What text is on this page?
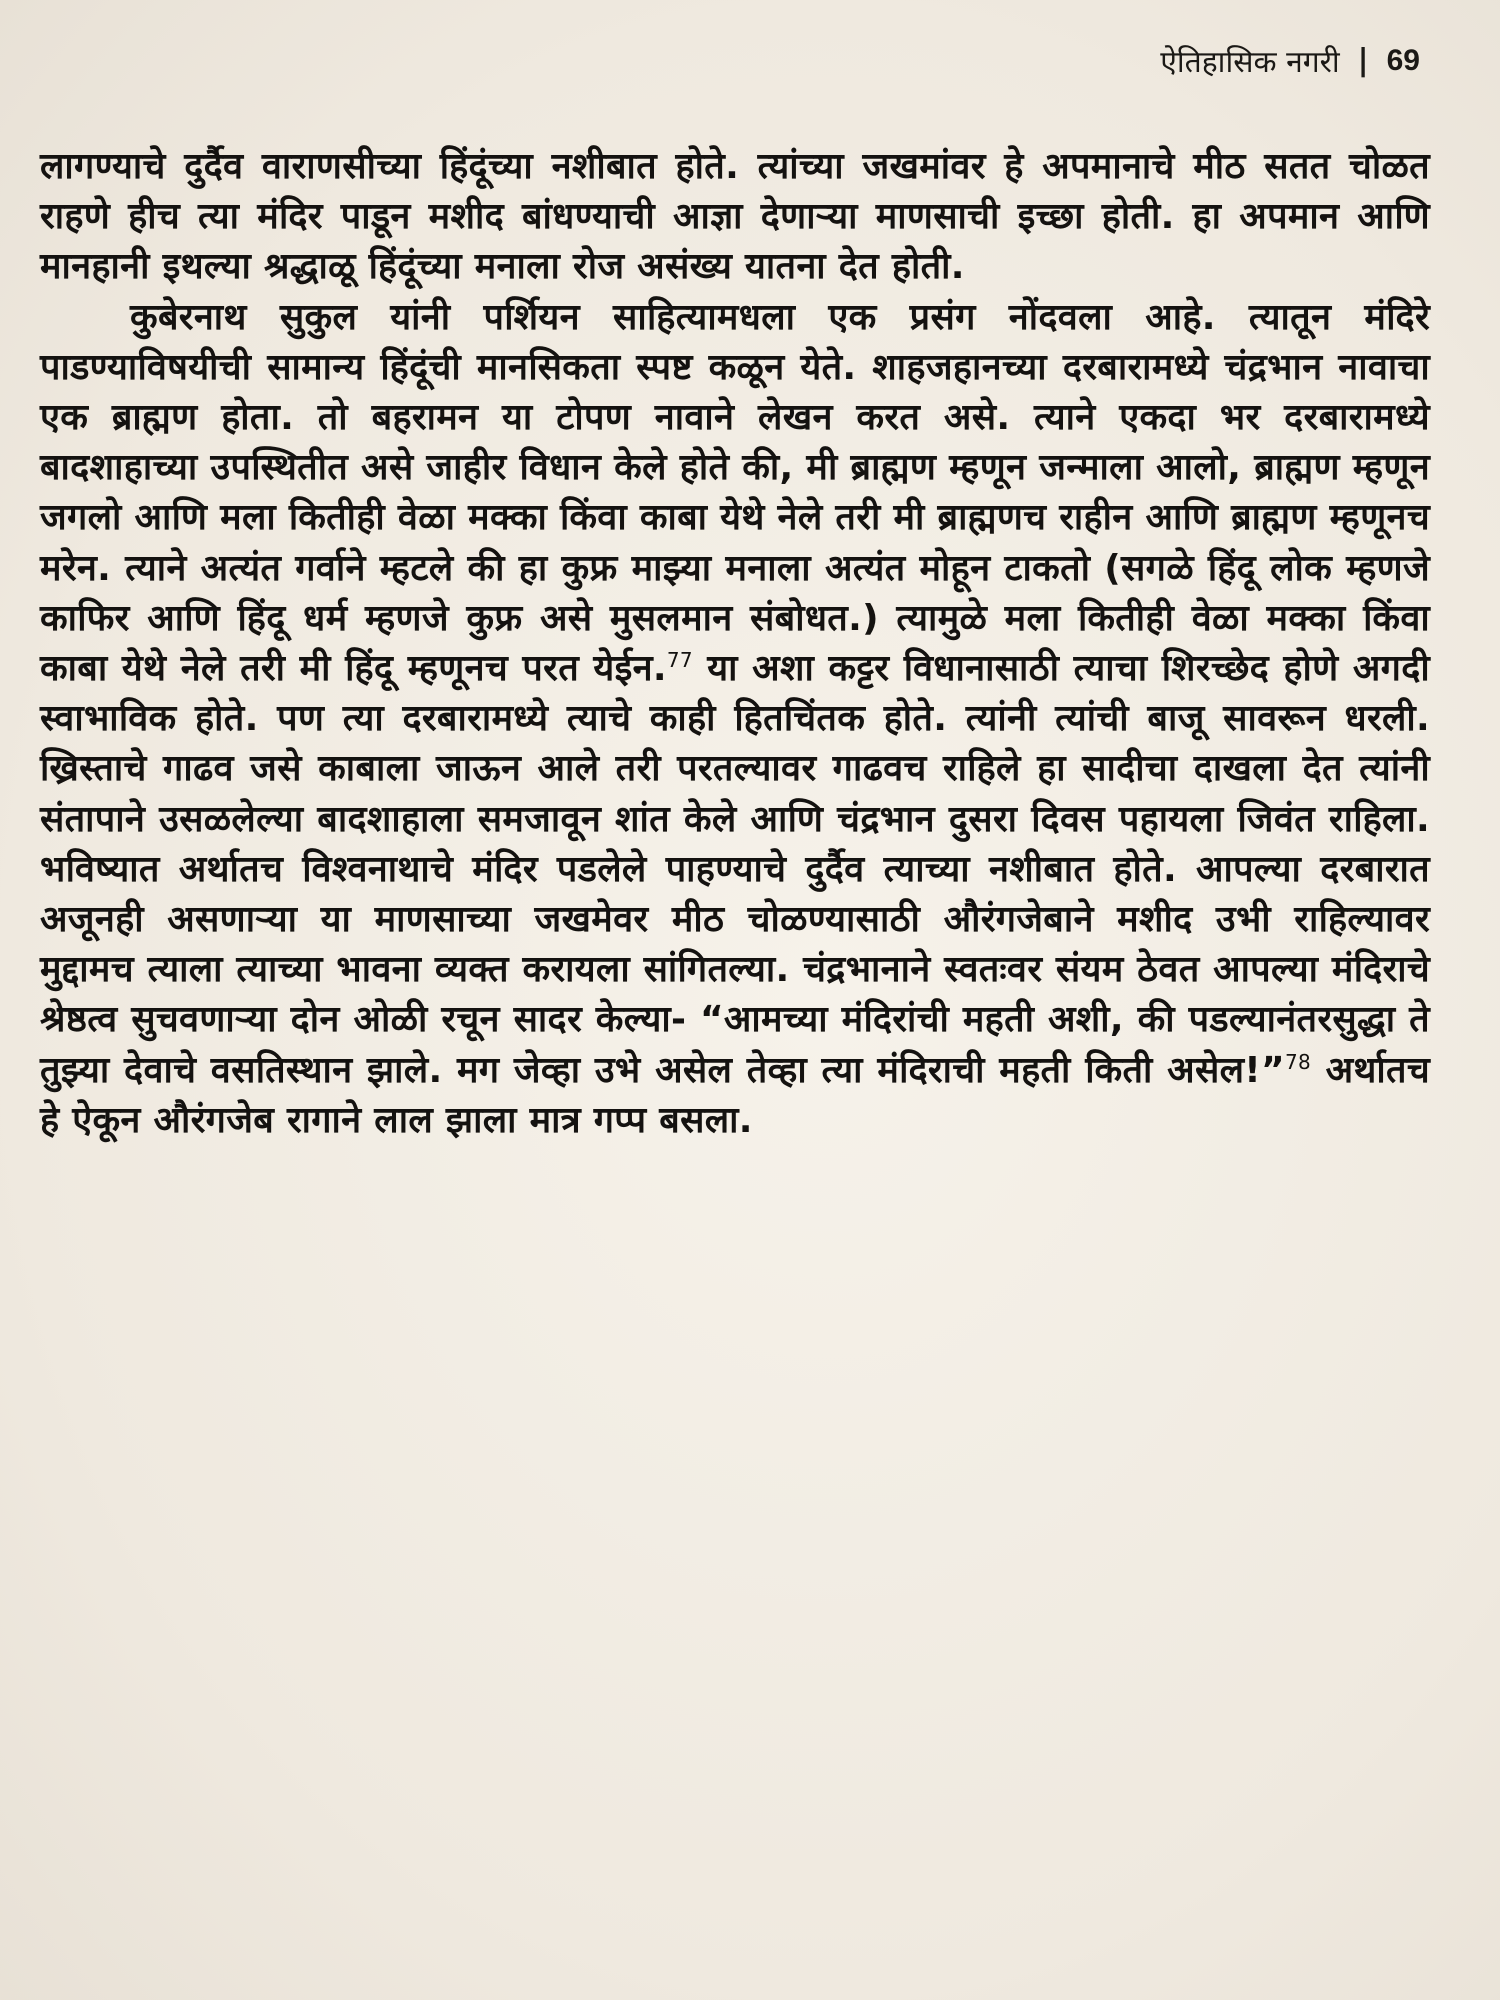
ऐतिहासिक नगरी | 69

लागण्याचे दुर्दैव वाराणसीच्या हिंदूंच्या नशीबात होते. त्यांच्या जखमांवर हे अपमानाचे मीठ सतत चोळत राहणे हीच त्या मंदिर पाडून मशीद बांधण्याची आज्ञा देणाऱ्या माणसाची इच्छा होती. हा अपमान आणि मानहानी इथल्या श्रद्धाळू हिंदूंच्या मनाला रोज असंख्य यातना देत होती.

कुबेरनाथ सुकुल यांनी पर्शियन साहित्यामधला एक प्रसंग नोंदवला आहे. त्यातून मंदिरे पाडण्याविषयीची सामान्य हिंदूंची मानसिकता स्पष्ट कळून येते. शाहजहानच्या दरबारामध्ये चंद्रभान नावाचा एक ब्राह्मण होता. तो बहरामन या टोपण नावाने लेखन करत असे. त्याने एकदा भर दरबारामध्ये बादशाहाच्या उपस्थितीत असे जाहीर विधान केले होते की, मी ब्राह्मण म्हणून जन्माला आलो, ब्राह्मण म्हणून जगलो आणि मला कितीही वेळा मक्का किंवा काबा येथे नेले तरी मी ब्राह्मणच राहीन आणि ब्राह्मण म्हणूनच मरेन. त्याने अत्यंत गर्वाने म्हटले की हा कुफ्र माझ्या मनाला अत्यंत मोहून टाकतो (सगळे हिंदू लोक म्हणजे काफिर आणि हिंदू धर्म म्हणजे कुफ्र असे मुसलमान संबोधत.) त्यामुळे मला कितीही वेळा मक्का किंवा काबा येथे नेले तरी मी हिंदू म्हणूनच परत येईन.$^{77}$ या अशा कट्टर विधानासाठी त्याचा शिरच्छेद होणे अगदी स्वाभाविक होते. पण त्या दरबारामध्ये त्याचे काही हितचिंतक होते. त्यांनी त्यांची बाजू सावरून धरली. ख्रिस्ताचे गाढव जसे काबाला जाऊन आले तरी परतल्यावर गाढवच राहिले हा सादीचा दाखला देत त्यांनी संतापाने उसळलेल्या बादशाहाला समजावून शांत केले आणि चंद्रभान दुसरा दिवस पहायला जिवंत राहिला. भविष्यात अर्थातच विश्वनाथाचे मंदिर पडलेले पाहण्याचे दुर्दैव त्याच्या नशीबात होते. आपल्या दरबारात अजूनही असणाऱ्या या माणसाच्या जखमेवर मीठ चोळण्यासाठी औरंगजेबाने मशीद उभी राहिल्यावर मुद्दामच त्याला त्याच्या भावना व्यक्त करायला सांगितल्या. चंद्रभानाने स्वतःवर संयम ठेवत आपल्या मंदिराचे श्रेष्ठत्व सुचवणाऱ्या दोन ओळी रचून सादर केल्या- “आमच्या मंदिरांची महती अशी, की पडल्यानंतरसुद्धा ते तुझ्या देवाचे वसतिस्थान झाले. मग जेव्हा उभे असेल तेव्हा त्या मंदिराची महती किती असेल!”$^{78}$ अर्थातच हे ऐकून औरंगजेब रागाने लाल झाला मात्र गप्प बसला.
